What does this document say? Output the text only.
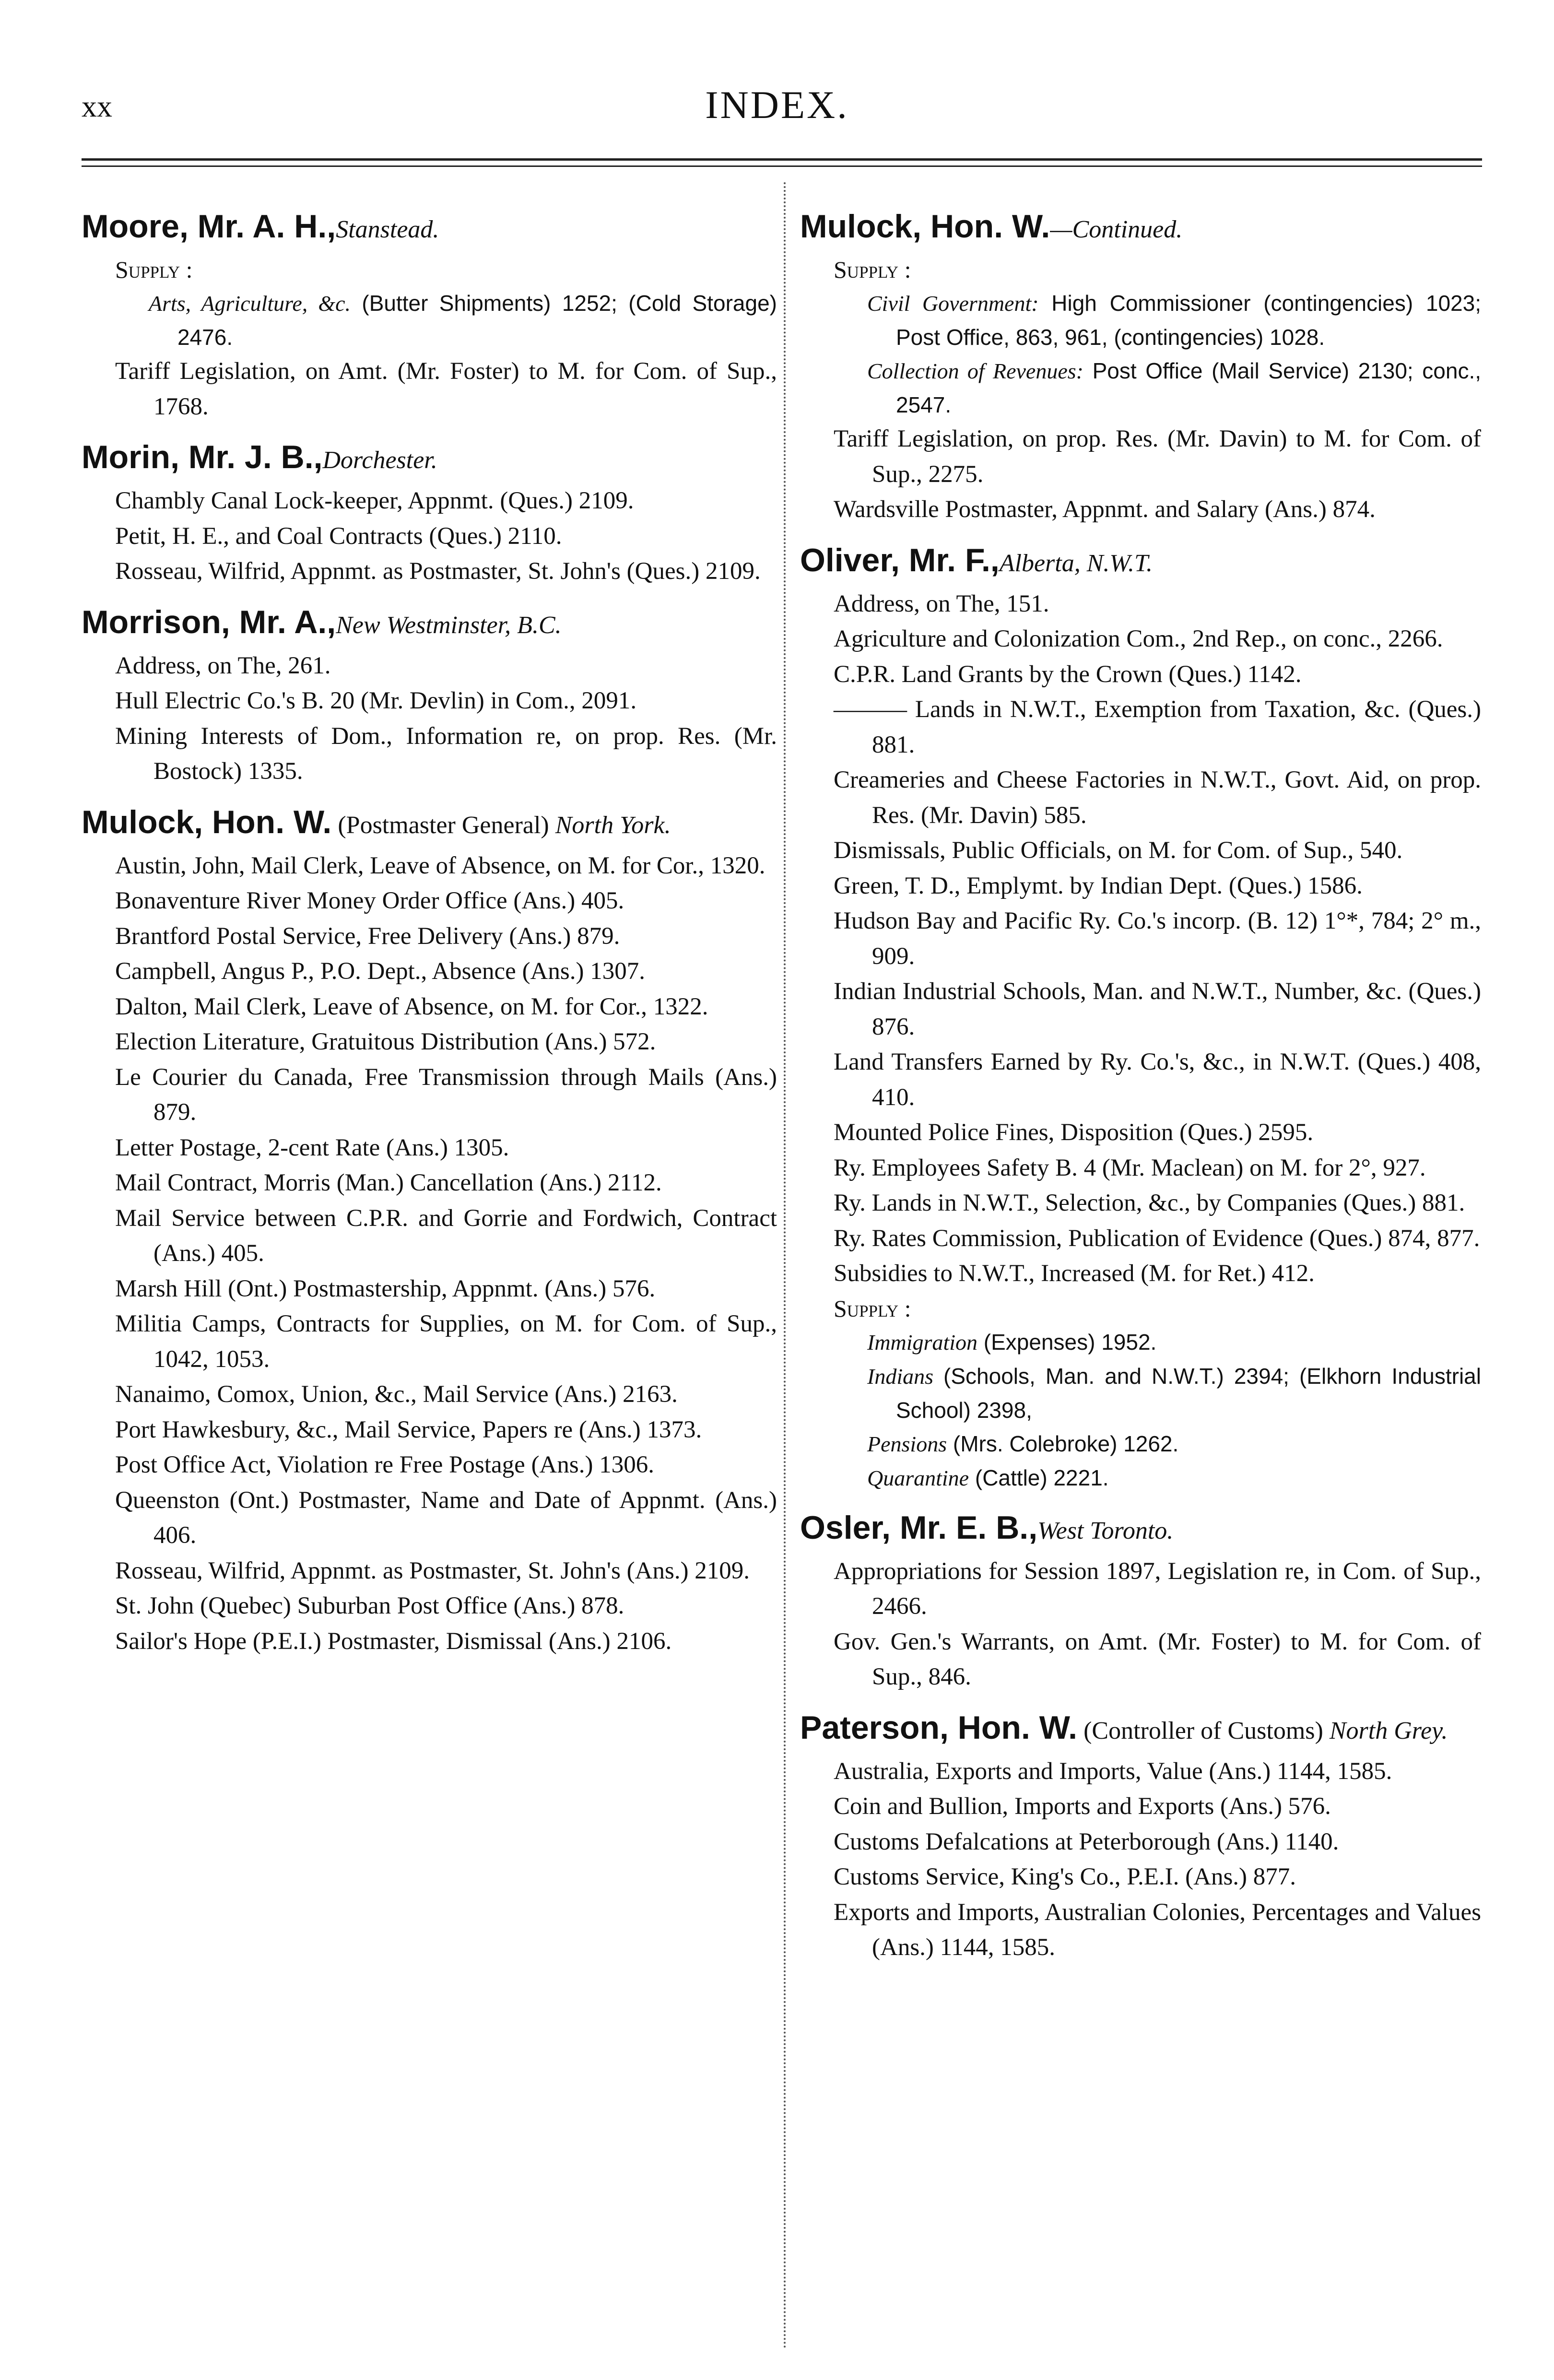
xx	INDEX.
Moore, Mr. A. H.,Stanstead.
Supply :
Arts, Agriculture, &c. (Butter Shipments) 1252; (Cold Storage) 2476.
Tariff Legislation, on Amt. (Mr. Foster) to M. for Com. of Sup., 1768.
Morin, Mr. J. B.,Dorchester.
Chambly Canal Lock-keeper, Appnmt. (Ques.) 2109.
Petit, H. E., and Coal Contracts (Ques.) 2110.
Rosseau, Wilfrid, Appnmt. as Postmaster, St. John's (Ques.) 2109.
Morrison, Mr. A.,New Westminster, B.C.
Address, on The, 261.
Hull Electric Co.'s B. 20 (Mr. Devlin) in Com., 2091.
Mining Interests of Dom., Information re, on prop. Res. (Mr. Bostock) 1335.
Mulock, Hon. W. (Postmaster General) North York.
Austin, John, Mail Clerk, Leave of Absence, on M. for Cor., 1320.
Bonaventure River Money Order Office (Ans.) 405.
Brantford Postal Service, Free Delivery (Ans.) 879.
Campbell, Angus P., P.O. Dept., Absence (Ans.) 1307.
Dalton, Mail Clerk, Leave of Absence, on M. for Cor., 1322.
Election Literature, Gratuitous Distribution (Ans.) 572.
Le Courier du Canada, Free Transmission through Mails (Ans.) 879.
Letter Postage, 2-cent Rate (Ans.) 1305.
Mail Contract, Morris (Man.) Cancellation (Ans.) 2112.
Mail Service between C.P.R. and Gorrie and Fordwich, Contract (Ans.) 405.
Marsh Hill (Ont.) Postmastership, Appnmt. (Ans.) 576.
Militia Camps, Contracts for Supplies, on M. for Com. of Sup., 1042, 1053.
Nanaimo, Comox, Union, &c., Mail Service (Ans.) 2163.
Port Hawkesbury, &c., Mail Service, Papers re (Ans.) 1373.
Post Office Act, Violation re Free Postage (Ans.) 1306.
Queenston (Ont.) Postmaster, Name and Date of Appnmt. (Ans.) 406.
Rosseau, Wilfrid, Appnmt. as Postmaster, St. John's (Ans.) 2109.
St. John (Quebec) Suburban Post Office (Ans.) 878.
Sailor's Hope (P.E.I.) Postmaster, Dismissal (Ans.) 2106.
Mulock, Hon. W.—Continued.
Supply :
Civil Government: High Commissioner (contingencies) 1023; Post Office, 863, 961, (contingencies) 1028.
Collection of Revenues: Post Office (Mail Service) 2130; conc., 2547.
Tariff Legislation, on prop. Res. (Mr. Davin) to M. for Com. of Sup., 2275.
Wardsville Postmaster, Appnmt. and Salary (Ans.) 874.
Oliver, Mr. F.,Alberta, N.W.T.
Address, on The, 151.
Agriculture and Colonization Com., 2nd Rep., on conc., 2266.
C.P.R. Land Grants by the Crown (Ques.) 1142.
——— Lands in N.W.T., Exemption from Taxation, &c. (Ques.) 881.
Creameries and Cheese Factories in N.W.T., Govt. Aid, on prop. Res. (Mr. Davin) 585.
Dismissals, Public Officials, on M. for Com. of Sup., 540.
Green, T. D., Emplymt. by Indian Dept. (Ques.) 1586.
Hudson Bay and Pacific Ry. Co.'s incorp. (B. 12) 1°*, 784; 2° m., 909.
Indian Industrial Schools, Man. and N.W.T., Number, &c. (Ques.) 876.
Land Transfers Earned by Ry. Co.'s, &c., in N.W.T. (Ques.) 408, 410.
Mounted Police Fines, Disposition (Ques.) 2595.
Ry. Employees Safety B. 4 (Mr. Maclean) on M. for 2°, 927.
Ry. Lands in N.W.T., Selection, &c., by Companies (Ques.) 881.
Ry. Rates Commission, Publication of Evidence (Ques.) 874, 877.
Subsidies to N.W.T., Increased (M. for Ret.) 412.
Supply :
Immigration (Expenses) 1952.
Indians (Schools, Man. and N.W.T.) 2394; (Elkhorn Industrial School) 2398,
Pensions (Mrs. Colebroke) 1262.
Quarantine (Cattle) 2221.
Osler, Mr. E. B.,West Toronto.
Appropriations for Session 1897, Legislation re, in Com. of Sup., 2466.
Gov. Gen.'s Warrants, on Amt. (Mr. Foster) to M. for Com. of Sup., 846.
Paterson, Hon. W. (Controller of Customs) North Grey.
Australia, Exports and Imports, Value (Ans.) 1144, 1585.
Coin and Bullion, Imports and Exports (Ans.) 576.
Customs Defalcations at Peterborough (Ans.) 1140.
Customs Service, King's Co., P.E.I. (Ans.) 877.
Exports and Imports, Australian Colonies, Percentages and Values (Ans.) 1144, 1585.
